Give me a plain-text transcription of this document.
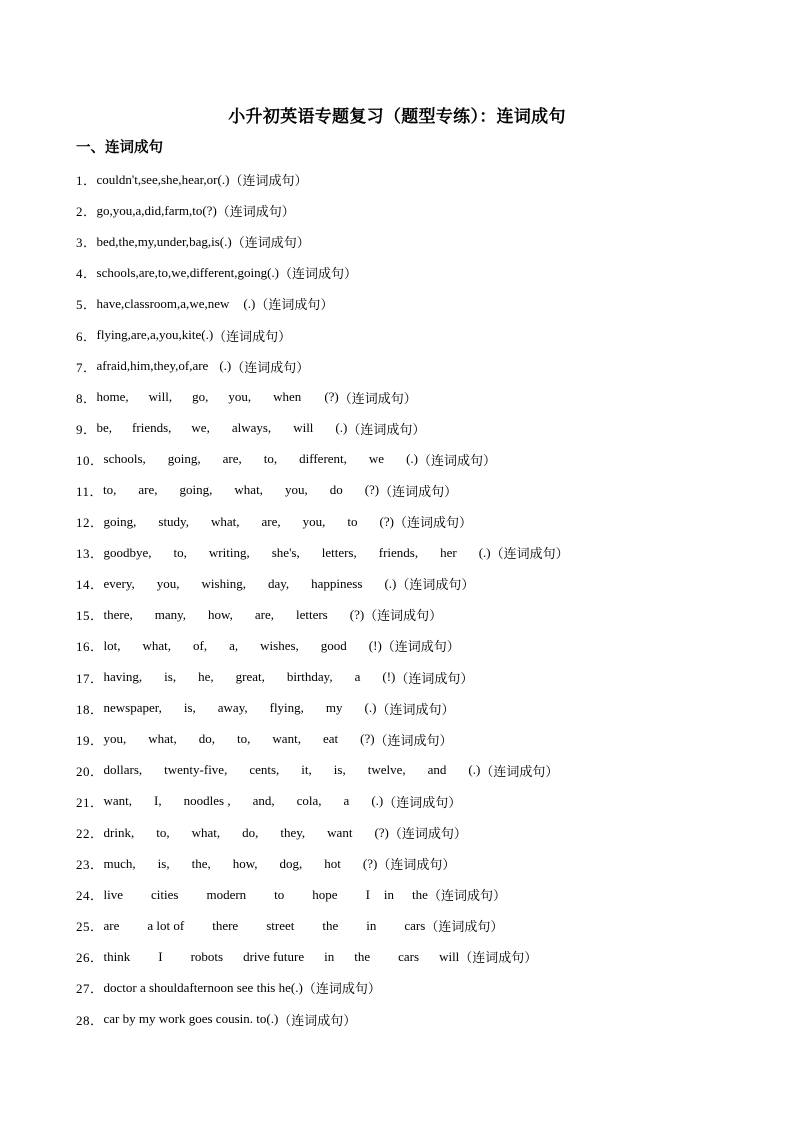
小升初英语专题复习（题型专练）：连词成句
一、连词成句
1． couldn't, see, she, hear, or (.) （连词成句）
2． go, you, a, did, farm, to (?) （连词成句）
3． bed, the, my, under, bag, is (.) （连词成句）
4． schools, are, to, we, different, going (.) （连词成句）
5． have, classroom, a, we, new (.) （连词成句）
6． flying, are, a, you, kite (.) （连词成句）
7． afraid, him, they, of, are (.) （连词成句）
8． home, will, go, you, when (?) （连词成句）
9． be, friends, we, always, will (.) （连词成句）
10． schools, going, are, to, different, we (.) （连词成句）
11． to, are, going, what, you, do (?) （连词成句）
12． going, study, what, are, you, to (?) （连词成句）
13． goodbye, to, writing, she's, letters, friends, her (.) （连词成句）
14． every, you, wishing, day, happiness (.) （连词成句）
15． there, many, how, are, letters (?) （连词成句）
16． lot, what, of, a, wishes, good (!) （连词成句）
17． having, is, he, great, birthday, a (!) （连词成句）
18． newspaper, is, away, flying, my (.) （连词成句）
19． you, what, do, to, want, eat (?) （连词成句）
20． dollars, twenty-five, cents, it, is, twelve, and (.) （连词成句）
21． want, I, noodles , and, cola, a (.) （连词成句）
22． drink, to, what, do, they, want (?) （连词成句）
23． much, is, the, how, dog, hot (?) （连词成句）
24． live cities modern to hope I in the （连词成句）
25． are a lot of there street the in cars （连词成句）
26． think I robots drive future in the cars will （连词成句）
27． doctor a should afternoon see this he (.) （连词成句）
28． car by my work goes cousin. to (.) （连词成句）
